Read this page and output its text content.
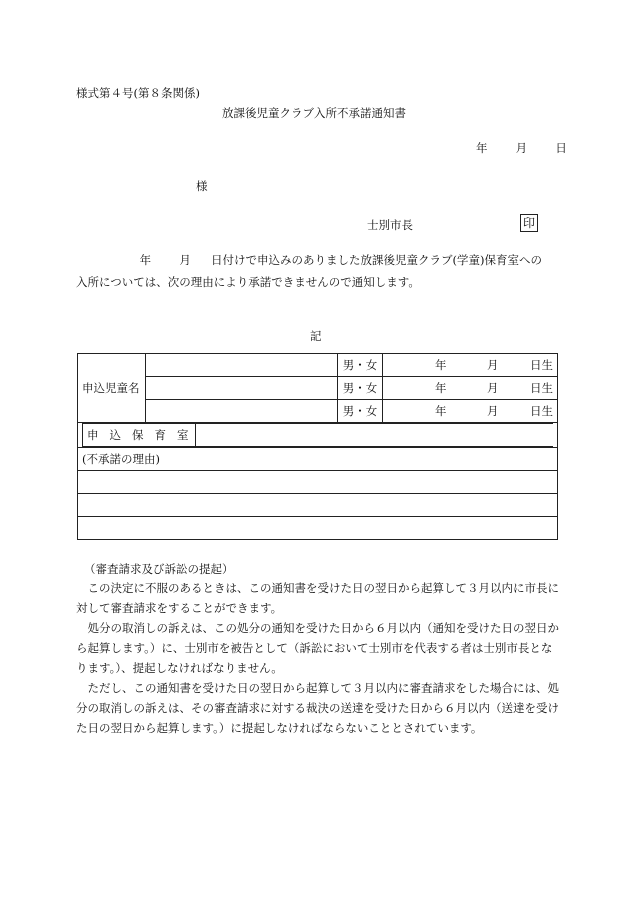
様式第４号(第８条関係)
放課後児童クラブ入所不承諾通知書
年 月 日
様
士別市長	印
年 月 日付けで申込みのありました放課後児童クラブ(学童)保育室への
入所については、次の理由により承諾できませんので通知します。
記
申込児童名		男・女	年	月	日生

	男・女	年	月	日生

	男・女	年	月	日生

申込保育室	

(不承諾の理由)

（審査請求及び訴訟の提起）

この決定に不服のあるときは、この通知書を受けた日の翌日から起算して３月以内に市長に対して審査請求をすることができます。

処分の取消しの訴えは、この処分の通知を受けた日から６月以内（通知を受けた日の翌日から起算します。）に、士別市を被告として（訴訟において士別市を代表する者は士別市長となります。）、提起しなければなりません。

ただし、この通知書を受けた日の翌日から起算して３月以内に審査請求をした場合には、処分の取消しの訴えは、その審査請求に対する裁決の送達を受けた日から６月以内（送達を受けた日の翌日から起算します。）に提起しなければならないこととされています。
